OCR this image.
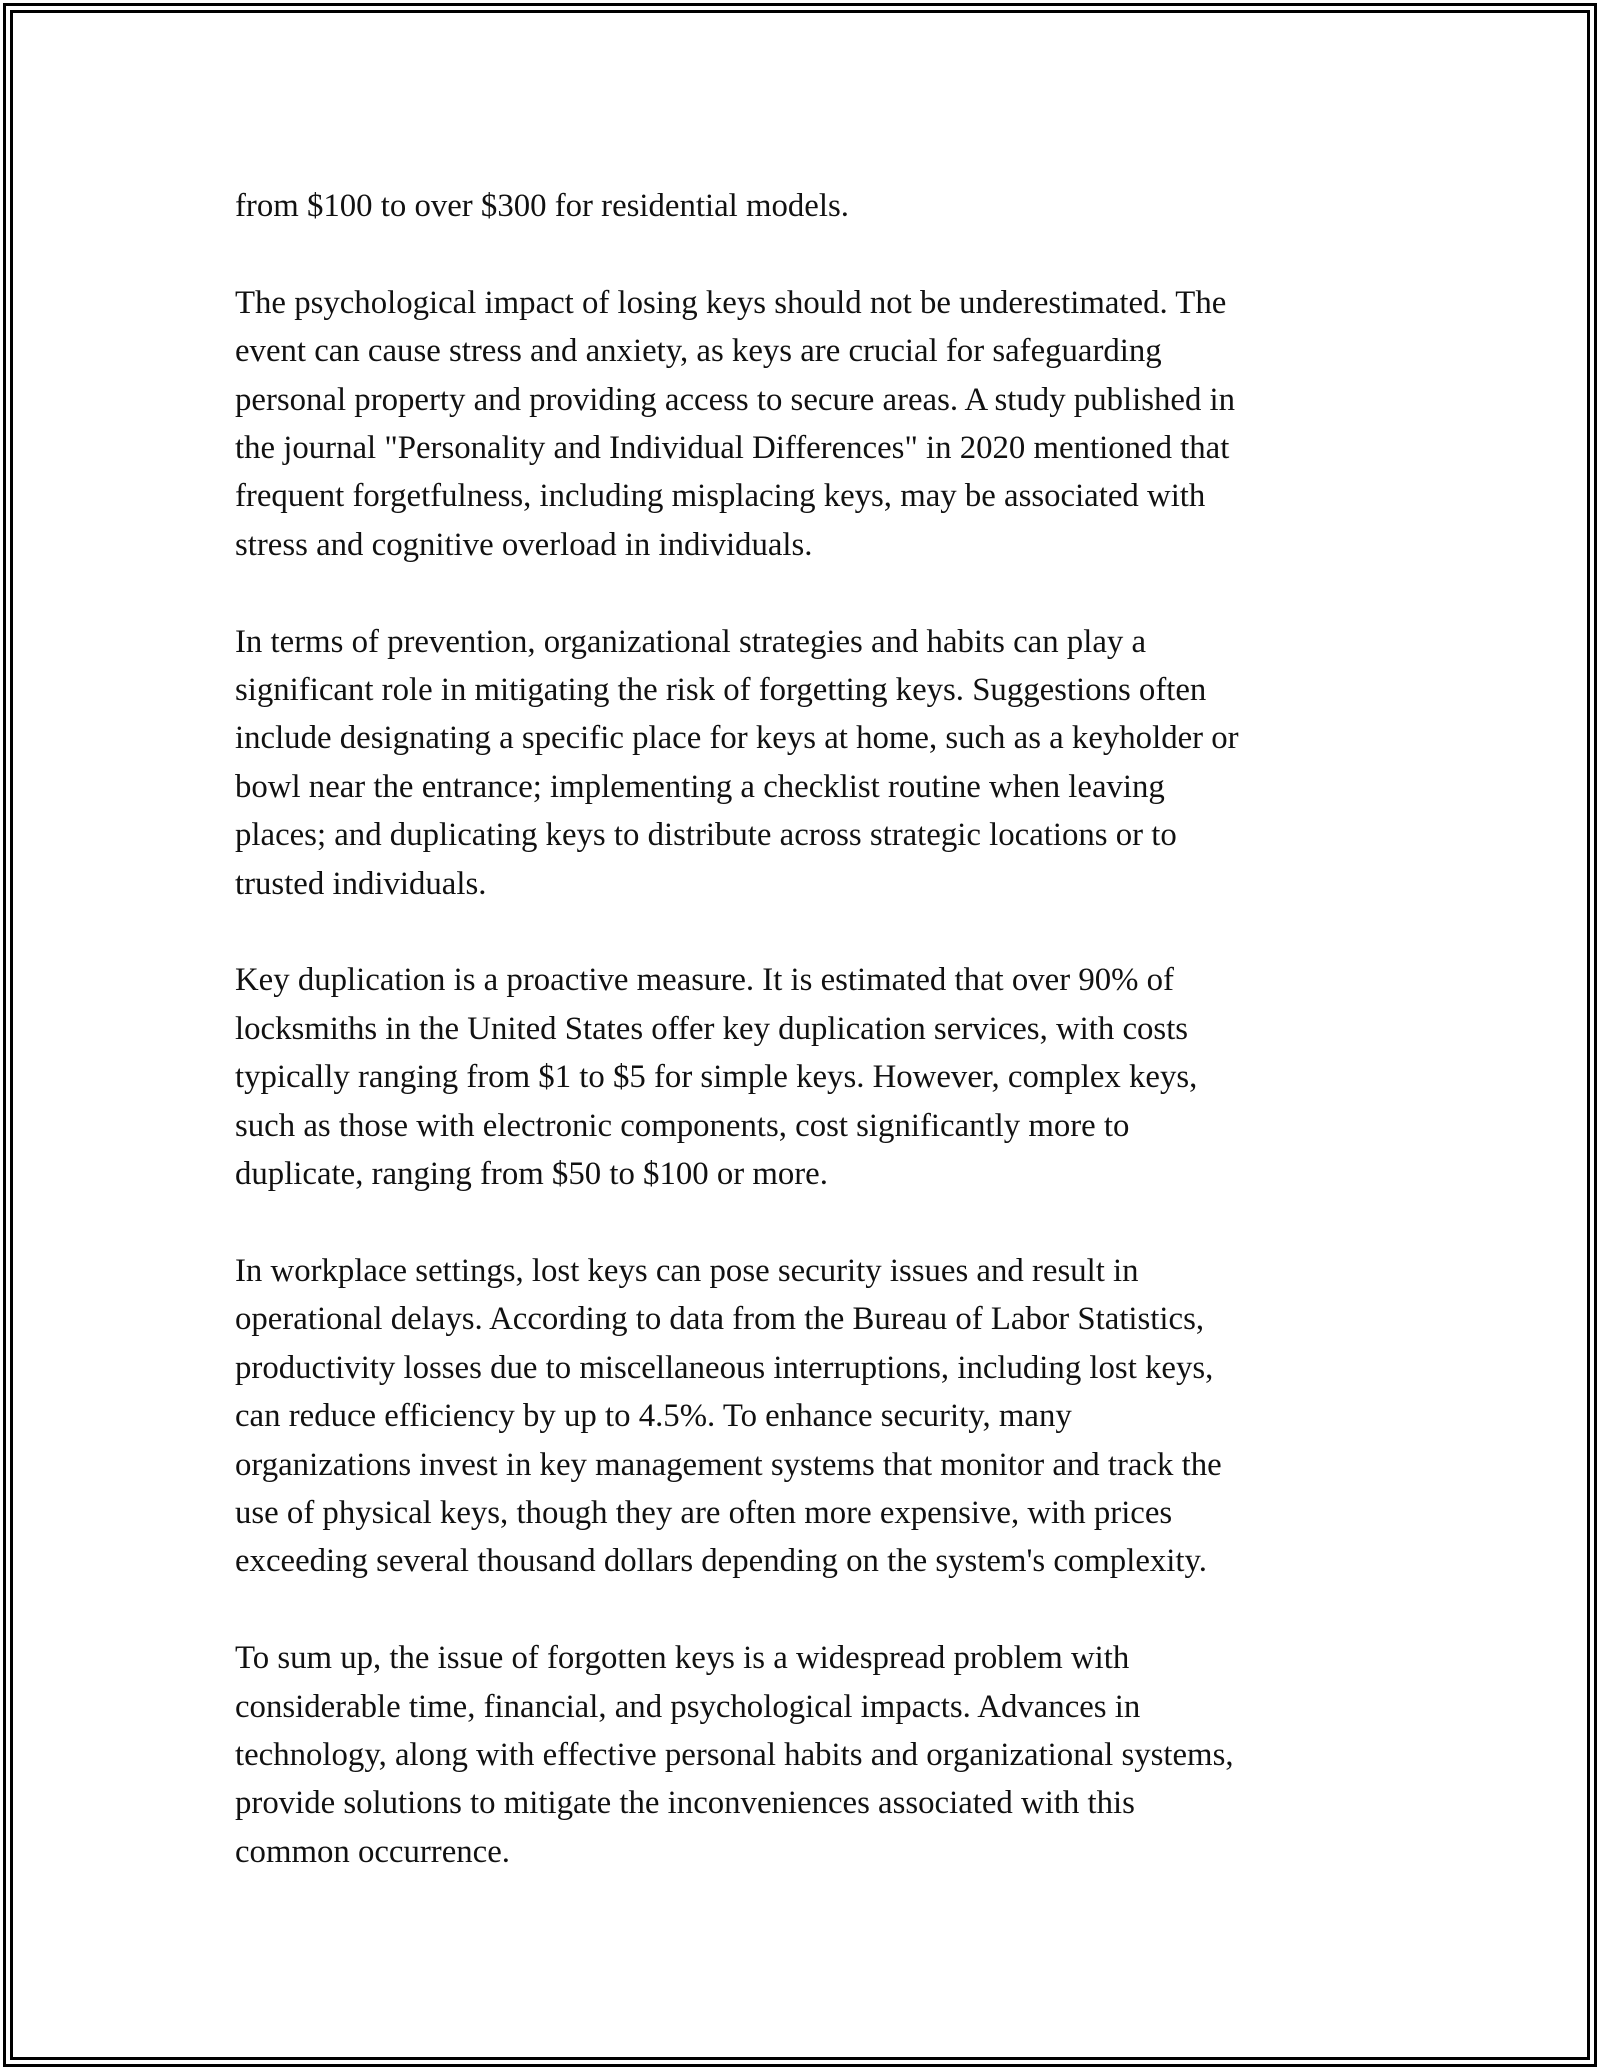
from $100 to over $300 for residential models.

The psychological impact of losing keys should not be underestimated. The
event can cause stress and anxiety, as keys are crucial for safeguarding
personal property and providing access to secure areas. A study published in
the journal "Personality and Individual Differences" in 2020 mentioned that
frequent forgetfulness, including misplacing keys, may be associated with
stress and cognitive overload in individuals.

In terms of prevention, organizational strategies and habits can play a
significant role in mitigating the risk of forgetting keys. Suggestions often
include designating a specific place for keys at home, such as a keyholder or
bowl near the entrance; implementing a checklist routine when leaving
places; and duplicating keys to distribute across strategic locations or to
trusted individuals.

Key duplication is a proactive measure. It is estimated that over 90% of
locksmiths in the United States offer key duplication services, with costs
typically ranging from $1 to $5 for simple keys. However, complex keys,
such as those with electronic components, cost significantly more to
duplicate, ranging from $50 to $100 or more.

In workplace settings, lost keys can pose security issues and result in
operational delays. According to data from the Bureau of Labor Statistics,
productivity losses due to miscellaneous interruptions, including lost keys,
can reduce efficiency by up to 4.5%. To enhance security, many
organizations invest in key management systems that monitor and track the
use of physical keys, though they are often more expensive, with prices
exceeding several thousand dollars depending on the system's complexity.

To sum up, the issue of forgotten keys is a widespread problem with
considerable time, financial, and psychological impacts. Advances in
technology, along with effective personal habits and organizational systems,
provide solutions to mitigate the inconveniences associated with this
common occurrence.
